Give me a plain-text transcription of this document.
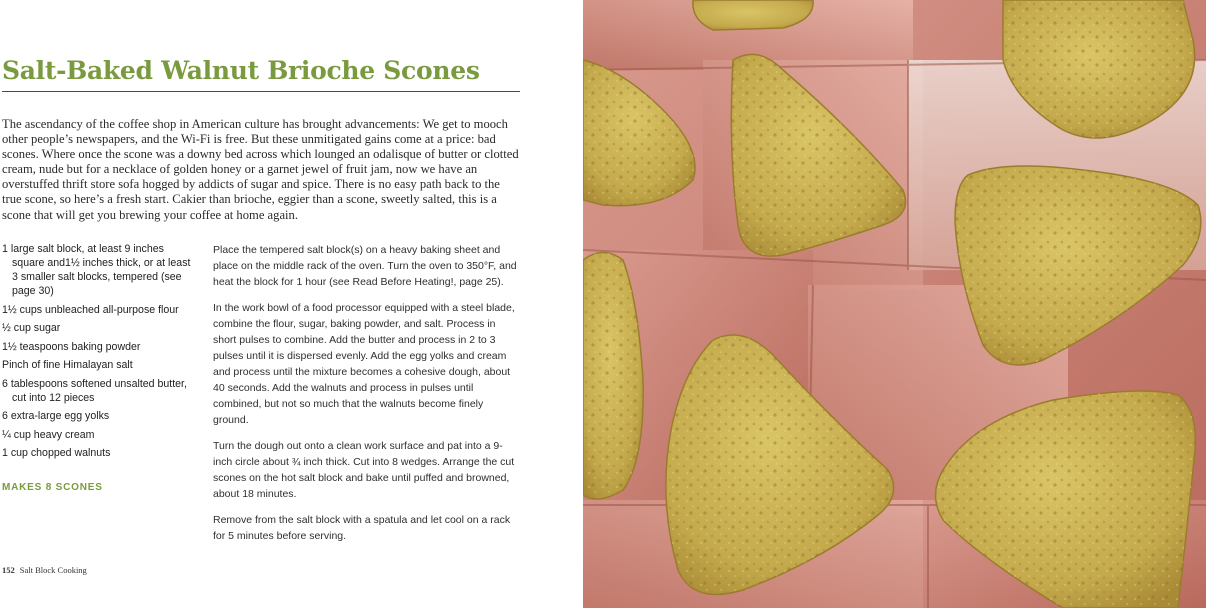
Salt-Baked Walnut Brioche Scones

The ascendancy of the coffee shop in American culture has brought advancements: We get to mooch other people’s newspapers, and the Wi-Fi is free. But these unmitigated gains come at a price: bad scones. Where once the scone was a downy bed across which lounged an odalisque of butter or clotted cream, nude but for a necklace of golden honey or a garnet jewel of fruit jam, now we have an overstuffed thrift store sofa hogged by addicts of sugar and spice. There is no easy path back to the true scone, so here’s a fresh start. Cakier than brioche, eggier than a scone, sweetly salted, this is a scone that will get you brewing your coffee at home again.

1 large salt block, at least 9 inches square and1½ inches thick, or at least 3 smaller salt blocks, tempered (see page 30)
1½ cups unbleached all-purpose flour
½ cup sugar
1½ teaspoons baking powder
Pinch of fine Himalayan salt
6 tablespoons softened unsalted butter, cut into 12 pieces
6 extra-large egg yolks
¼ cup heavy cream
1 cup chopped walnuts

MAKES 8 SCONES

Place the tempered salt block(s) on a heavy baking sheet and place on the middle rack of the oven. Turn the oven to 350°F, and heat the block for 1 hour (see Read Before Heating!, page 25).

In the work bowl of a food processor equipped with a steel blade, combine the flour, sugar, baking powder, and salt. Process in short pulses to combine. Add the butter and process in 2 to 3 pulses until it is dispersed evenly. Add the egg yolks and cream and process until the mixture becomes a cohesive dough, about 40 seconds. Add the walnuts and process in pulses until combined, but not so much that the walnuts become finely ground.

Turn the dough out onto a clean work surface and pat into a 9-inch circle about ¾ inch thick. Cut into 8 wedges. Arrange the cut scones on the hot salt block and bake until puffed and browned, about 18 minutes.

Remove from the salt block with a spatula and let cool on a rack for 5 minutes before serving.

152 Salt Block Cooking
